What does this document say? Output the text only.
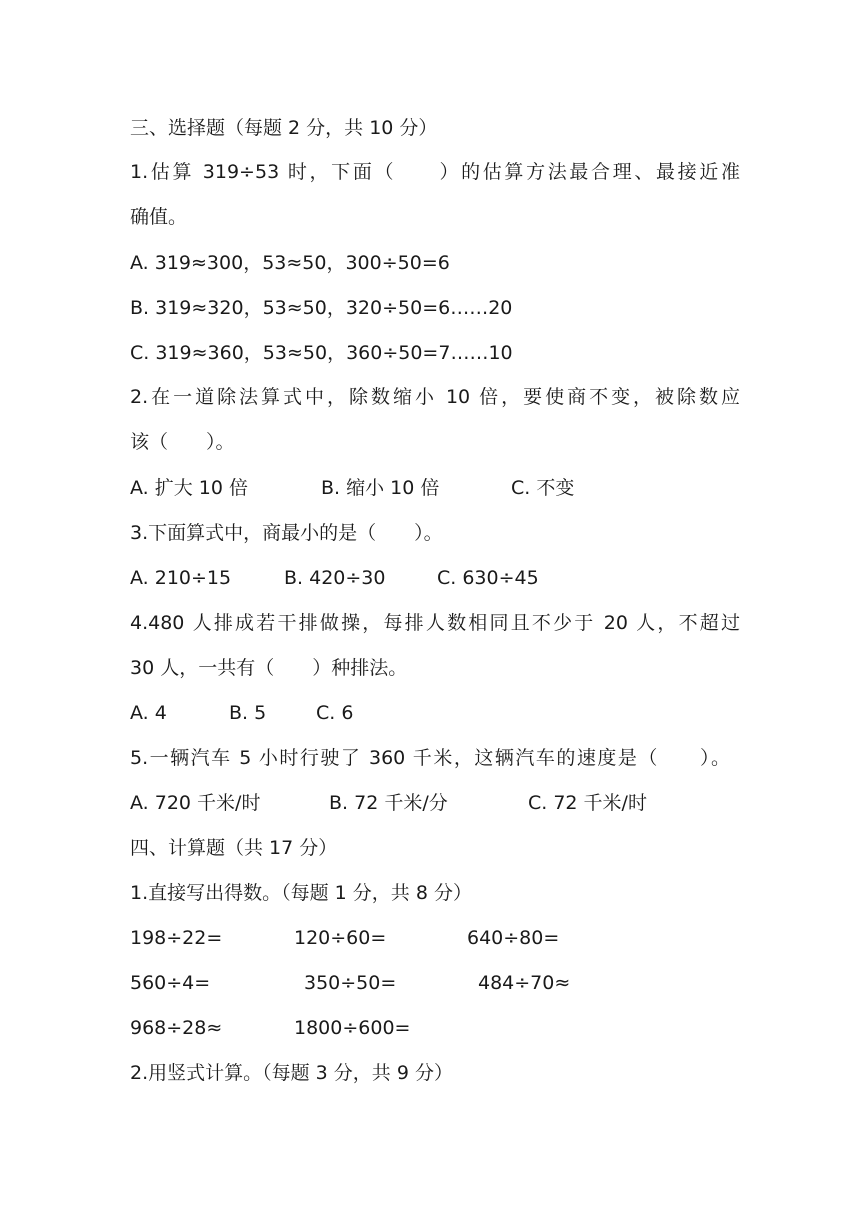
三、选择题（每题 2 分，共 10 分）
1.估算 319÷53 时，下面（　　）的估算方法最合理、最接近准
确值。
A. 319≈300，53≈50，300÷50=6
B. 319≈320，53≈50，320÷50=6……20
C. 319≈360，53≈50，360÷50=7……10
2.在一道除法算式中，除数缩小 10 倍，要使商不变，被除数应
该（　　）。
A. 扩大 10 倍	B. 缩小 10 倍	C. 不变
3.下面算式中，商最小的是（　　）。
A. 210÷15	B. 420÷30	C. 630÷45
4.480 人排成若干排做操，每排人数相同且不少于 20 人，不超过
30 人，一共有（　　）种排法。
A. 4	B. 5	C. 6
5.一辆汽车 5 小时行驶了 360 千米，这辆汽车的速度是（　　）。
A. 720 千米/时	B. 72 千米/分	C. 72 千米/时
四、计算题（共 17 分）
1.直接写出得数。（每题 1 分，共 8 分）
198÷22=	120÷60=	640÷80=
560÷4=	350÷50=	484÷70≈
968÷28≈	1800÷600=
2.用竖式计算。（每题 3 分，共 9 分）
